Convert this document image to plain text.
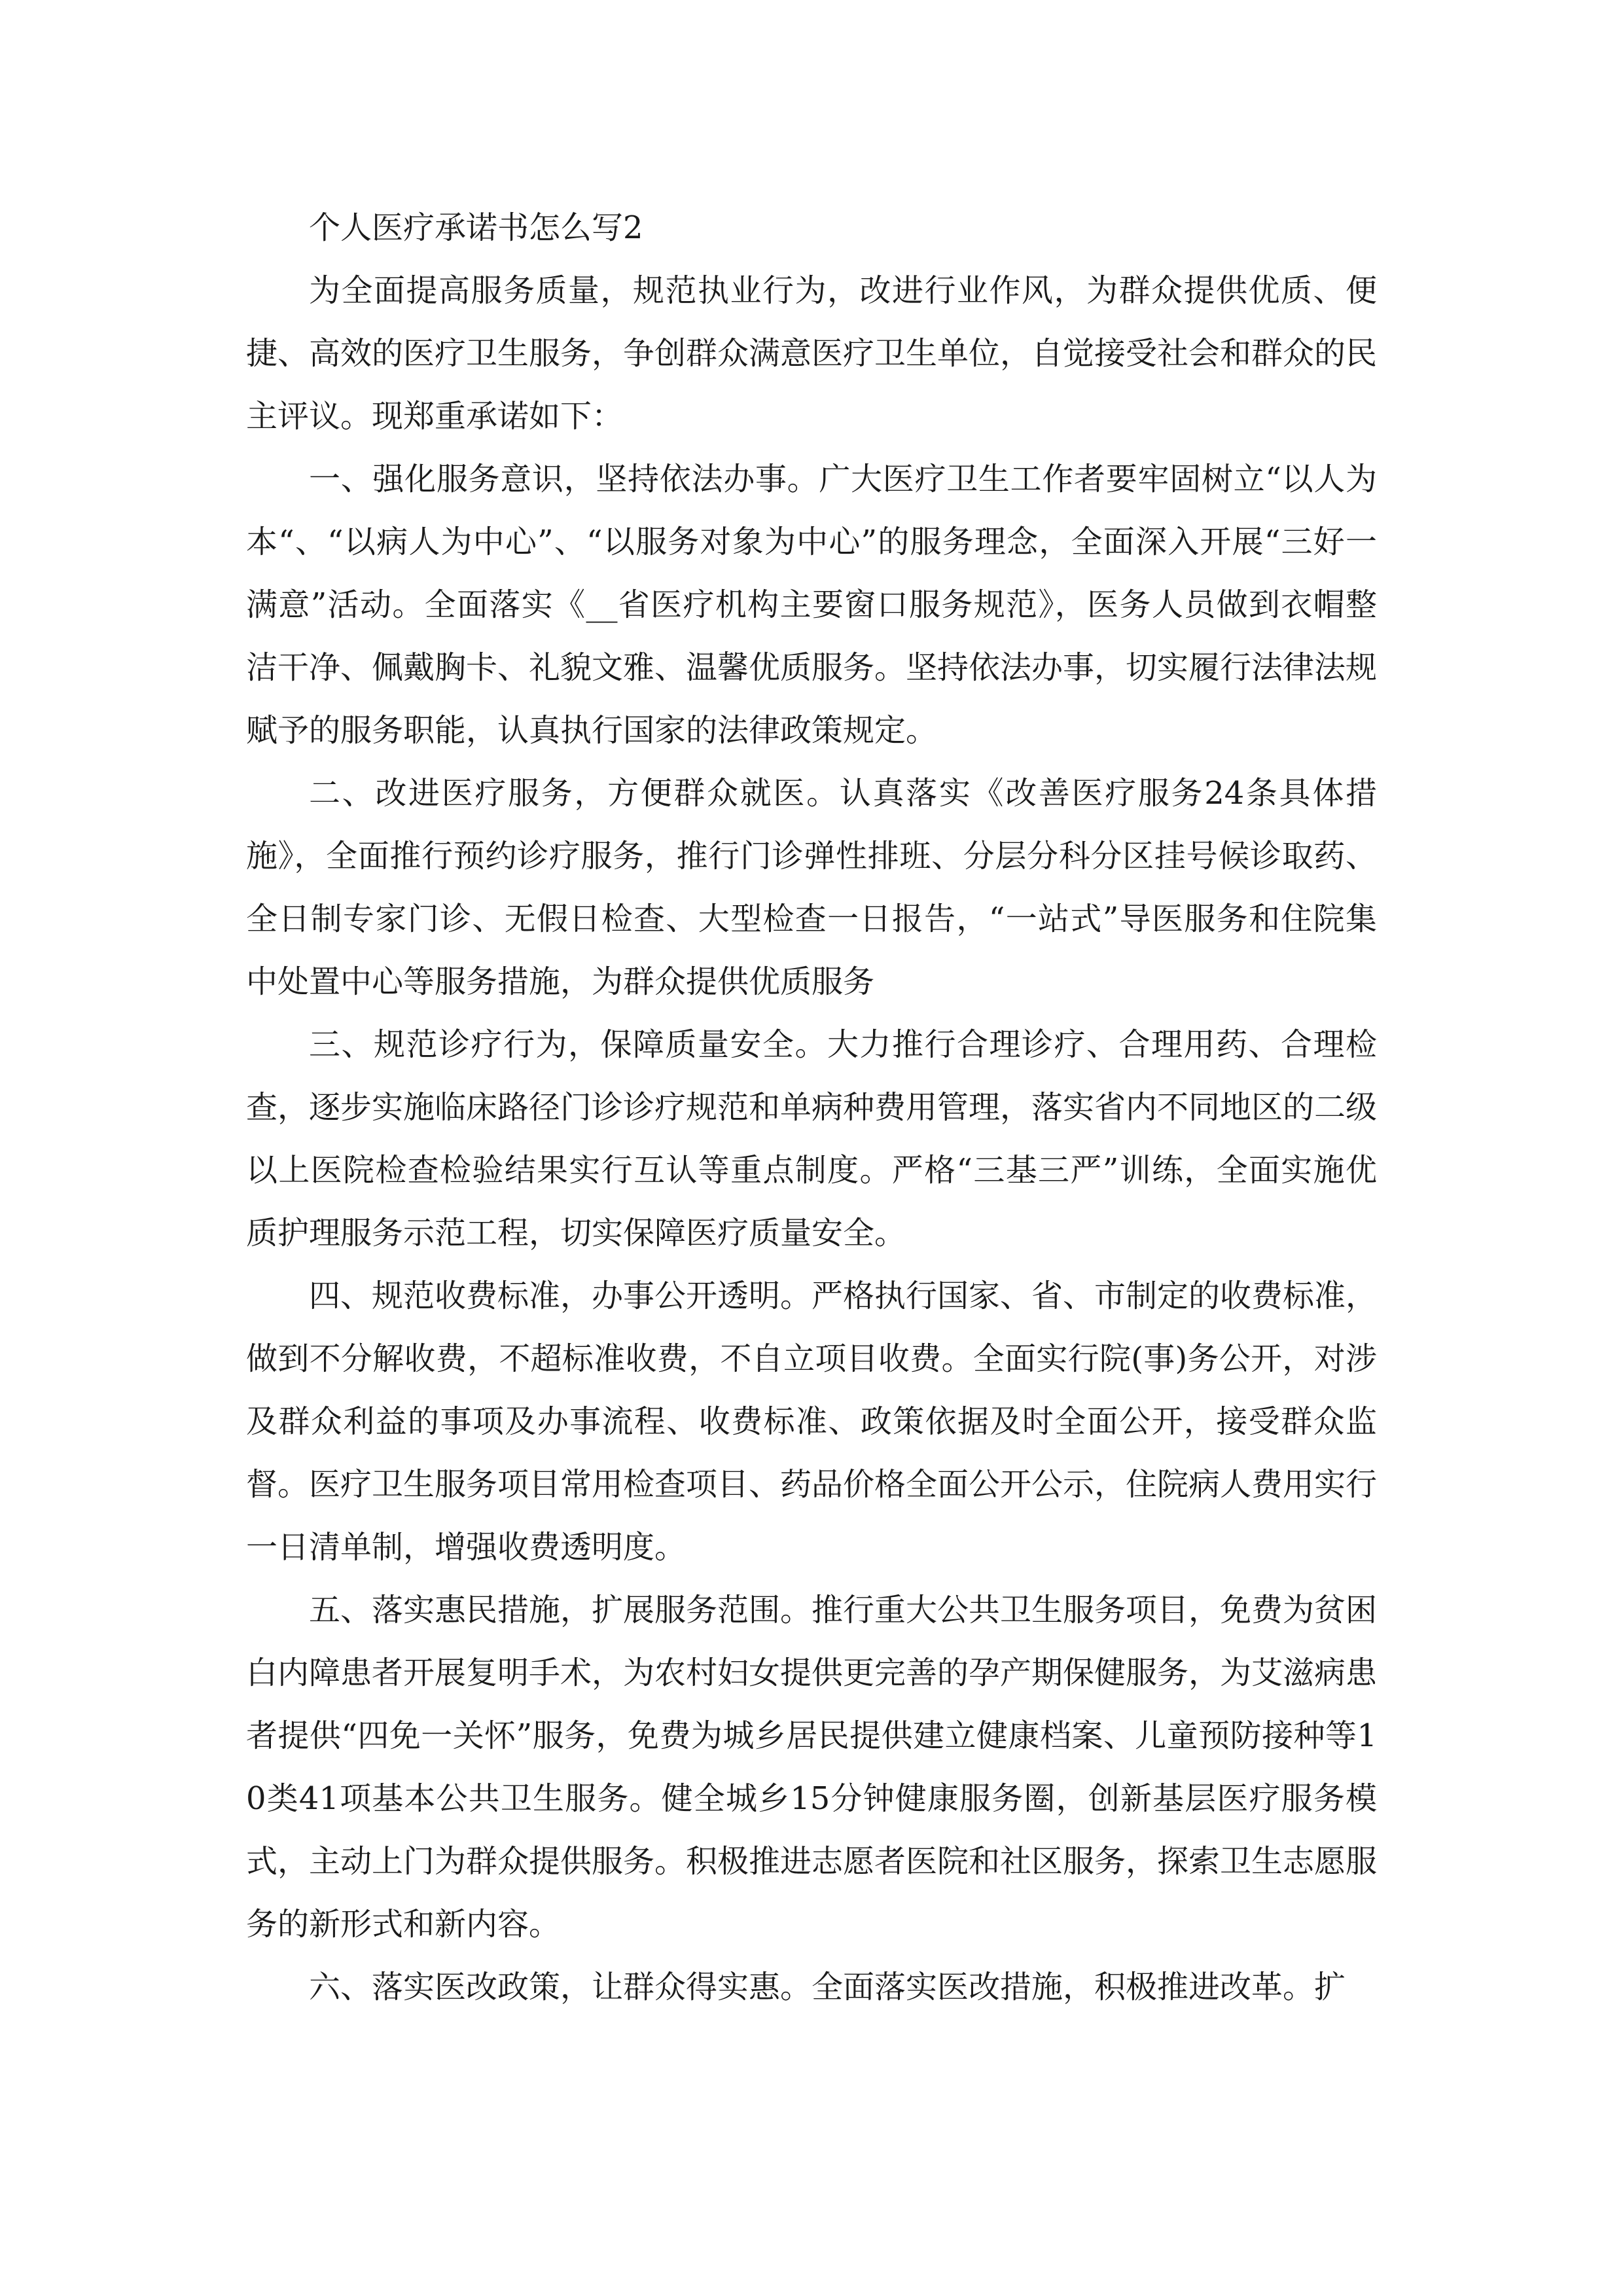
个人医疗承诺书怎么写2

为全面提高服务质量，规范执业行为，改进行业作风，为群众提供优质、便捷、高效的医疗卫生服务，争创群众满意医疗卫生单位，自觉接受社会和群众的民主评议。现郑重承诺如下：

一、强化服务意识，坚持依法办事。广大医疗卫生工作者要牢固树立“以人为本“、“以病人为中心”、“以服务对象为中心”的服务理念，全面深入开展“三好一满意”活动。全面落实《__省医疗机构主要窗口服务规范》，医务人员做到衣帽整洁干净、佩戴胸卡、礼貌文雅、温馨优质服务。坚持依法办事，切实履行法律法规赋予的服务职能，认真执行国家的法律政策规定。

二、改进医疗服务，方便群众就医。认真落实《改善医疗服务24条具体措施》，全面推行预约诊疗服务，推行门诊弹性排班、分层分科分区挂号候诊取药、全日制专家门诊、无假日检查、大型检查一日报告，“一站式”导医服务和住院集中处置中心等服务措施，为群众提供优质服务

三、规范诊疗行为，保障质量安全。大力推行合理诊疗、合理用药、合理检查，逐步实施临床路径门诊诊疗规范和单病种费用管理，落实省内不同地区的二级以上医院检查检验结果实行互认等重点制度。严格“三基三严”训练，全面实施优质护理服务示范工程，切实保障医疗质量安全。

四、规范收费标准，办事公开透明。严格执行国家、省、市制定的收费标准，做到不分解收费，不超标准收费，不自立项目收费。全面实行院(事)务公开，对涉及群众利益的事项及办事流程、收费标准、政策依据及时全面公开，接受群众监督。医疗卫生服务项目常用检查项目、药品价格全面公开公示，住院病人费用实行一日清单制，增强收费透明度。

五、落实惠民措施，扩展服务范围。推行重大公共卫生服务项目，免费为贫困白内障患者开展复明手术，为农村妇女提供更完善的孕产期保健服务，为艾滋病患者提供“四免一关怀”服务，免费为城乡居民提供建立健康档案、儿童预防接种等10类41项基本公共卫生服务。健全城乡15分钟健康服务圈，创新基层医疗服务模式，主动上门为群众提供服务。积极推进志愿者医院和社区服务，探索卫生志愿服务的新形式和新内容。

六、落实医改政策，让群众得实惠。全面落实医改措施，积极推进改革。扩
